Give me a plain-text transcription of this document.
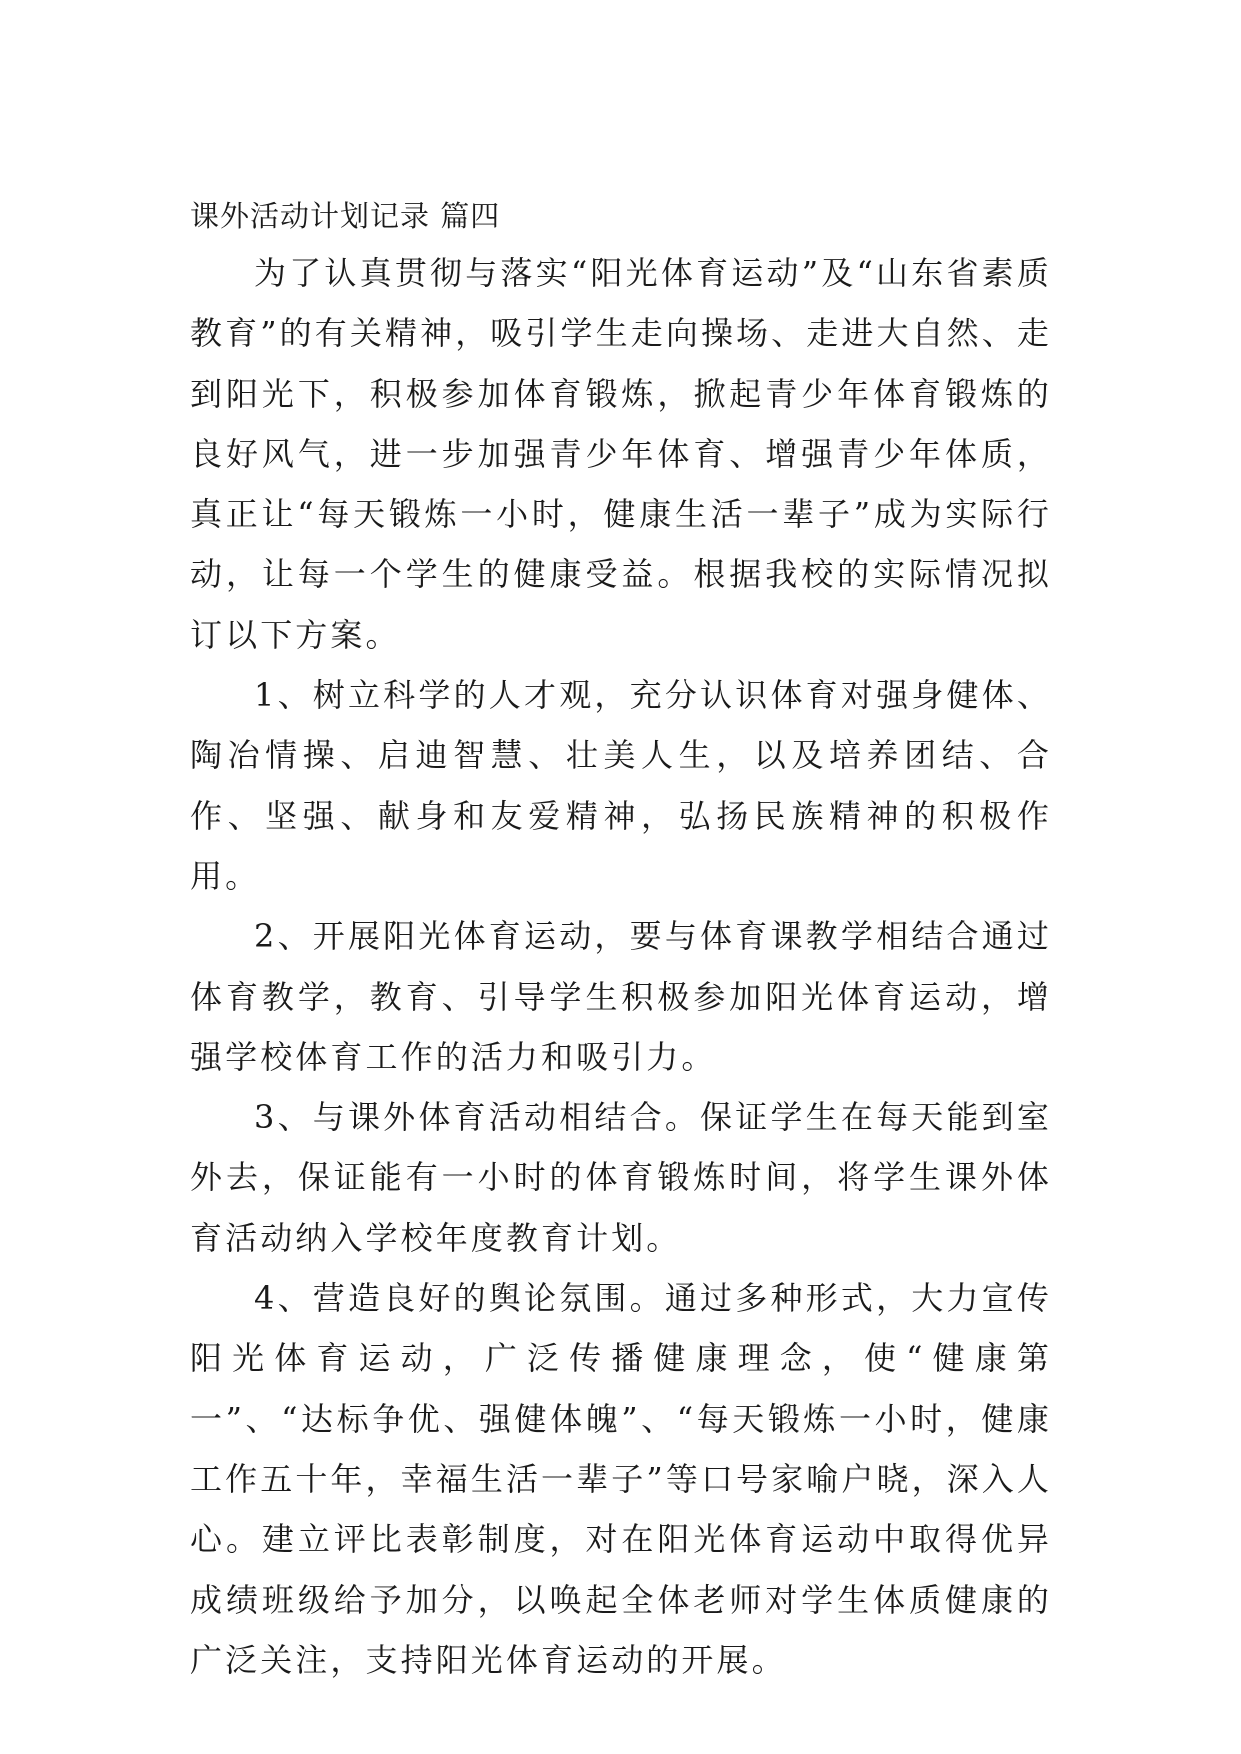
课外活动计划记录 篇四

为了认真贯彻与落实“阳光体育运动”及“山东省素质教育”的有关精神，吸引学生走向操场、走进大自然、走到阳光下，积极参加体育锻炼，掀起青少年体育锻炼的良好风气，进一步加强青少年体育、增强青少年体质，真正让“每天锻炼一小时，健康生活一辈子”成为实际行动，让每一个学生的健康受益。根据我校的实际情况拟订以下方案。

1、树立科学的人才观，充分认识体育对强身健体、陶冶情操、启迪智慧、壮美人生，以及培养团结、合作、坚强、献身和友爱精神，弘扬民族精神的积极作用。

2、开展阳光体育运动，要与体育课教学相结合通过体育教学，教育、引导学生积极参加阳光体育运动，增强学校体育工作的活力和吸引力。

3、与课外体育活动相结合。保证学生在每天能到室外去，保证能有一小时的体育锻炼时间，将学生课外体育活动纳入学校年度教育计划。

4、营造良好的舆论氛围。通过多种形式，大力宣传阳光体育运动，广泛传播健康理念，使“健康第一”、“达标争优、强健体魄”、“每天锻炼一小时，健康工作五十年，幸福生活一辈子”等口号家喻户晓，深入人心。建立评比表彰制度，对在阳光体育运动中取得优异成绩班级给予加分，以唤起全体老师对学生体质健康的广泛关注，支持阳光体育运动的开展。
